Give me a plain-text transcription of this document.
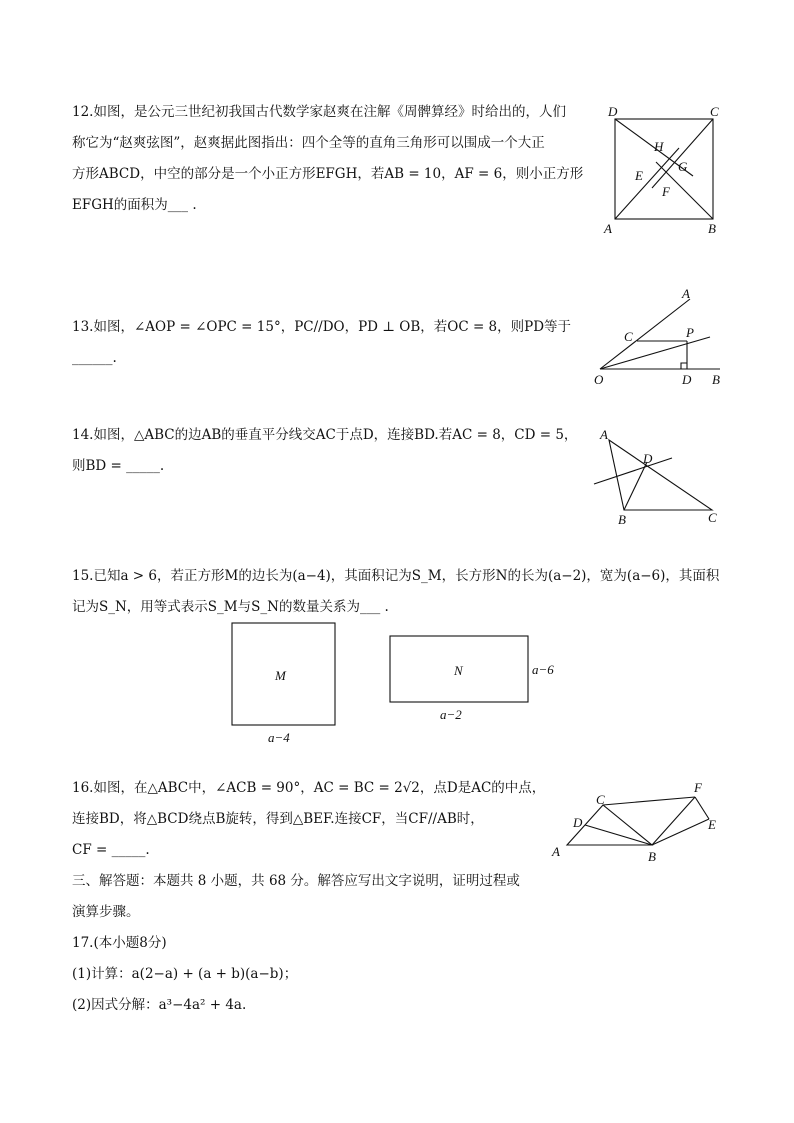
12.如图，是公元三世纪初我国古代数学家赵爽在注解《周髀算经》时给出的，人们
称它为“赵爽弦图”，赵爽据此图指出：四个全等的直角三角形可以围成一个大正
方形ABCD，中空的部分是一个小正方形EFGH，若AB = 10，AF = 6，则小正方形
EFGH的面积为___ .
D	C
H
G
E
F
A	B
13.如图，∠AOP = ∠OPC = 15°，PC//DO，PD ⊥ OB，若OC = 8，则PD等于
______.
A
C	P
O	D B
14.如图，△ABC的边AB的垂直平分线交AC于点D，连接BD.若AC = 8，CD = 5，
则BD = _____.
A
D
B	C
15.已知a > 6，若正方形M的边长为(a−4)，其面积记为S_M，长方形N的长为(a−2)，宽为(a−6)，其面积
记为S_N，用等式表示S_M与S_N的数量关系为___ .
M
a−4
N	a−6
a−2
16.如图，在△ABC中，∠ACB = 90°，AC = BC = 2√2，点D是AC的中点，
连接BD，将△BCD绕点B旋转，得到△BEF.连接CF，当CF//AB时，
CF = _____.
C
F
D	E
A	B
三、解答题：本题共 8 小题，共 68 分。解答应写出文字说明，证明过程或
演算步骤。
17.(本小题8分)
(1)计算：a(2−a) + (a + b)(a−b)；
(2)因式分解：a³−4a² + 4a.
